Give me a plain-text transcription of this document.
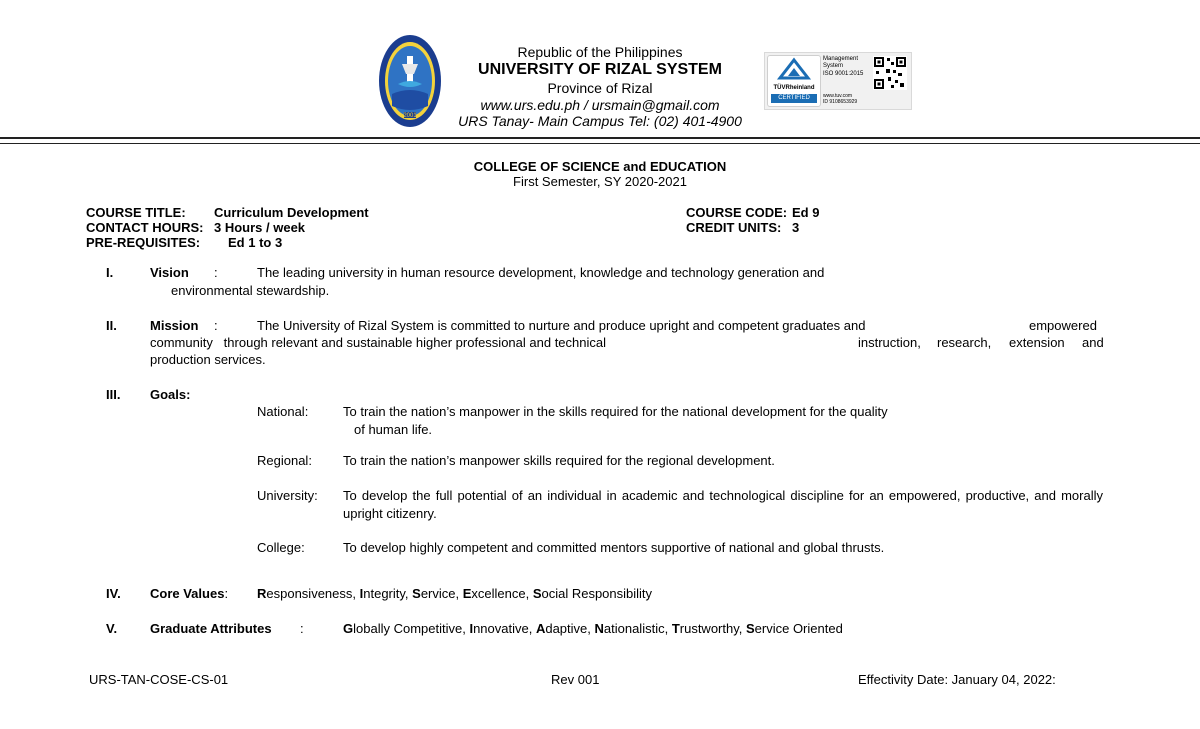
2001
Republic of the Philippines
UNIVERSITY OF RIZAL SYSTEM
Province of Rizal
www.urs.edu.ph / ursmain@gmail.com
URS Tanay- Main Campus Tel: (02) 401-4900
TÜVRheinland
CERTIFIED
Management
System
ISO 9001:2015
www.tuv.com
ID 9108653929
COLLEGE OF SCIENCE and EDUCATION
First Semester, SY 2020-2021
COURSE TITLE: Curriculum Development
CONTACT HOURS: 3 Hours / week
PRE-REQUISITES: Ed 1 to 3
COURSE CODE: Ed 9
CREDIT UNITS: 3
I.	Vision :	The leading university in human resource development, knowledge and technology generation and
environmental stewardship.
II.	Mission :	The University of Rizal System is committed to nurture and produce upright and competent graduates and	empowered
community   through relevant and sustainable higher professional and technical	instruction, research, extension and
production services.
III. Goals:
National:	To train the nation’s manpower in the skills required for the national development for the quality
of human life.
Regional: To train the nation’s manpower skills required for the regional development.
University: To develop the full potential of an individual in academic and technological discipline for an empowered, productive, and morally
upright citizenry.
College:	To develop highly competent and committed mentors supportive of national and global thrusts.
IV. Core Values: Responsiveness, Integrity, Service, Excellence, Social Responsibility
V.	Graduate Attributes :	Globally Competitive, Innovative, Adaptive, Nationalistic, Trustworthy, Service Oriented
URS-TAN-COSE-CS-01	Rev 001	Effectivity Date: January 04, 2022:
